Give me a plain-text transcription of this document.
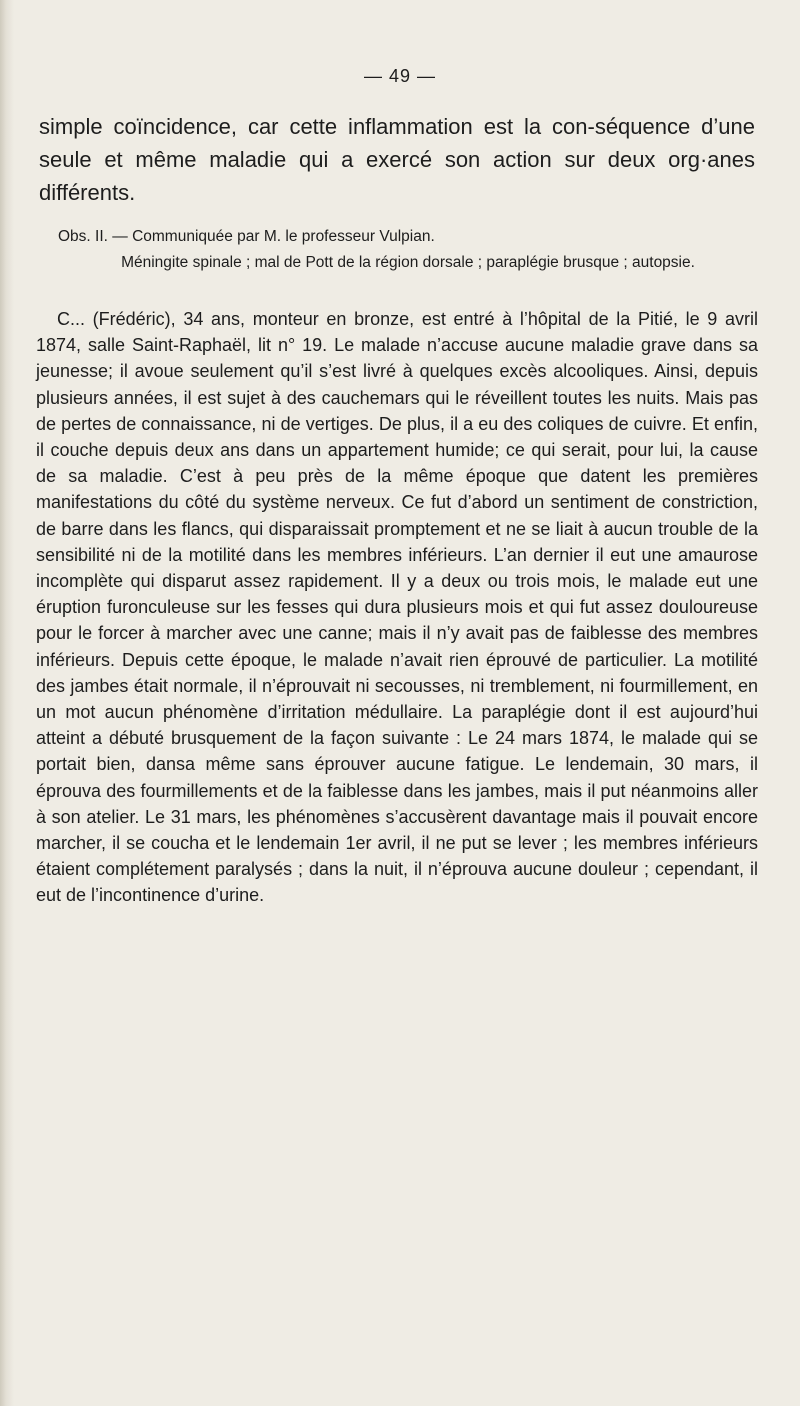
— 49 —
simple coïncidence, car cette inflammation est la con-séquence d’une seule et même maladie qui a exercé son action sur deux org·anes différents.
Obs. II. — Communiquée par M. le professeur Vulpian.
Méningite spinale ; mal de Pott de la région dorsale ; paraplégie brusque ; autopsie.

C... (Frédéric), 34 ans, monteur en bronze, est entré à l’hôpital de la Pitié, le 9 avril 1874, salle Saint-Raphaël, lit n° 19. Le malade n’accuse aucune maladie grave dans sa jeunesse; il avoue seulement qu’il s’est livré à quelques excès alcooliques. Ainsi, depuis plusieurs années, il est sujet à des cauchemars qui le réveillent toutes les nuits. Mais pas de pertes de connaissance, ni de vertiges. De plus, il a eu des coliques de cuivre. Et enfin, il couche depuis deux ans dans un appartement humide; ce qui serait, pour lui, la cause de sa maladie. C’est à peu près de la même époque que datent les premières manifestations du côté du système nerveux. Ce fut d’abord un sentiment de constriction, de barre dans les flancs, qui disparaissait promptement et ne se liait à aucun trouble de la sensibilité ni de la motilité dans les membres inférieurs. L’an dernier il eut une amaurose incomplète qui disparut assez rapidement. Il y a deux ou trois mois, le malade eut une éruption furonculeuse sur les fesses qui dura plusieurs mois et qui fut assez douloureuse pour le forcer à marcher avec une canne; mais il n’y avait pas de faiblesse des membres inférieurs. Depuis cette époque, le malade n’avait rien éprouvé de particulier. La motilité des jambes était normale, il n’éprouvait ni secousses, ni tremblement, ni fourmillement, en un mot aucun phénomène d’irritation médullaire. La paraplégie dont il est aujourd’hui atteint a débuté brusquement de la façon suivante : Le 24 mars 1874, le malade qui se portait bien, dansa même sans éprouver aucune fatigue. Le lendemain, 30 mars, il éprouva des fourmillements et de la faiblesse dans les jambes, mais il put néanmoins aller à son atelier. Le 31 mars, les phénomènes s’accusèrent davantage mais il pouvait encore marcher, il se coucha et le lendemain 1er avril, il ne put se lever ; les membres inférieurs étaient complétement paralysés ; dans la nuit, il n’éprouva aucune douleur ; cependant, il eut de l’incontinence d’urine.
